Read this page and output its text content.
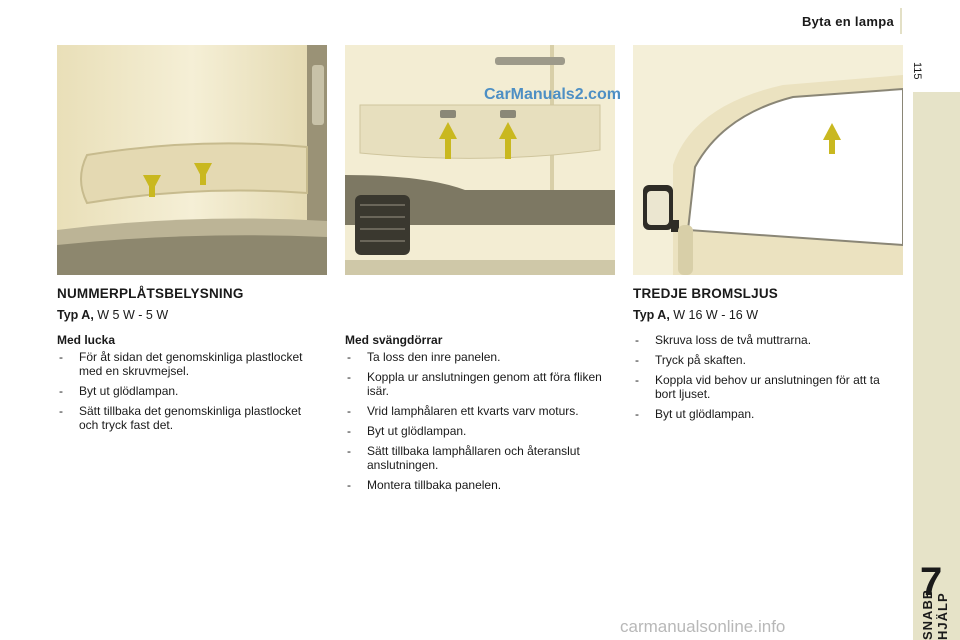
Byta en lampa
115
SNABB HJÄLP
7
CarManuals2.com
NUMMERPLÅTSBELYSNING
Typ A, W 5 W - 5 W
Med lucka
- För åt sidan det genomskinliga plastlocket med en skruvmejsel.
- Byt ut glödlampan.
- Sätt tillbaka det genomskinliga plastlocket och tryck fast det.
Med svängdörrar
- Ta loss den inre panelen.
- Koppla ur anslutningen genom att föra fliken isär.
- Vrid lamphålaren ett kvarts varv moturs.
- Byt ut glödlampan.
- Sätt tillbaka lamphållaren och återanslut anslutningen.
- Montera tillbaka panelen.
TREDJE BROMSLJUS
Typ A, W 16 W - 16 W
- Skruva loss de två muttrarna.
- Tryck på skaften.
- Koppla vid behov ur anslutningen för att ta bort ljuset.
- Byt ut glödlampan.
carmanualsonline.info
